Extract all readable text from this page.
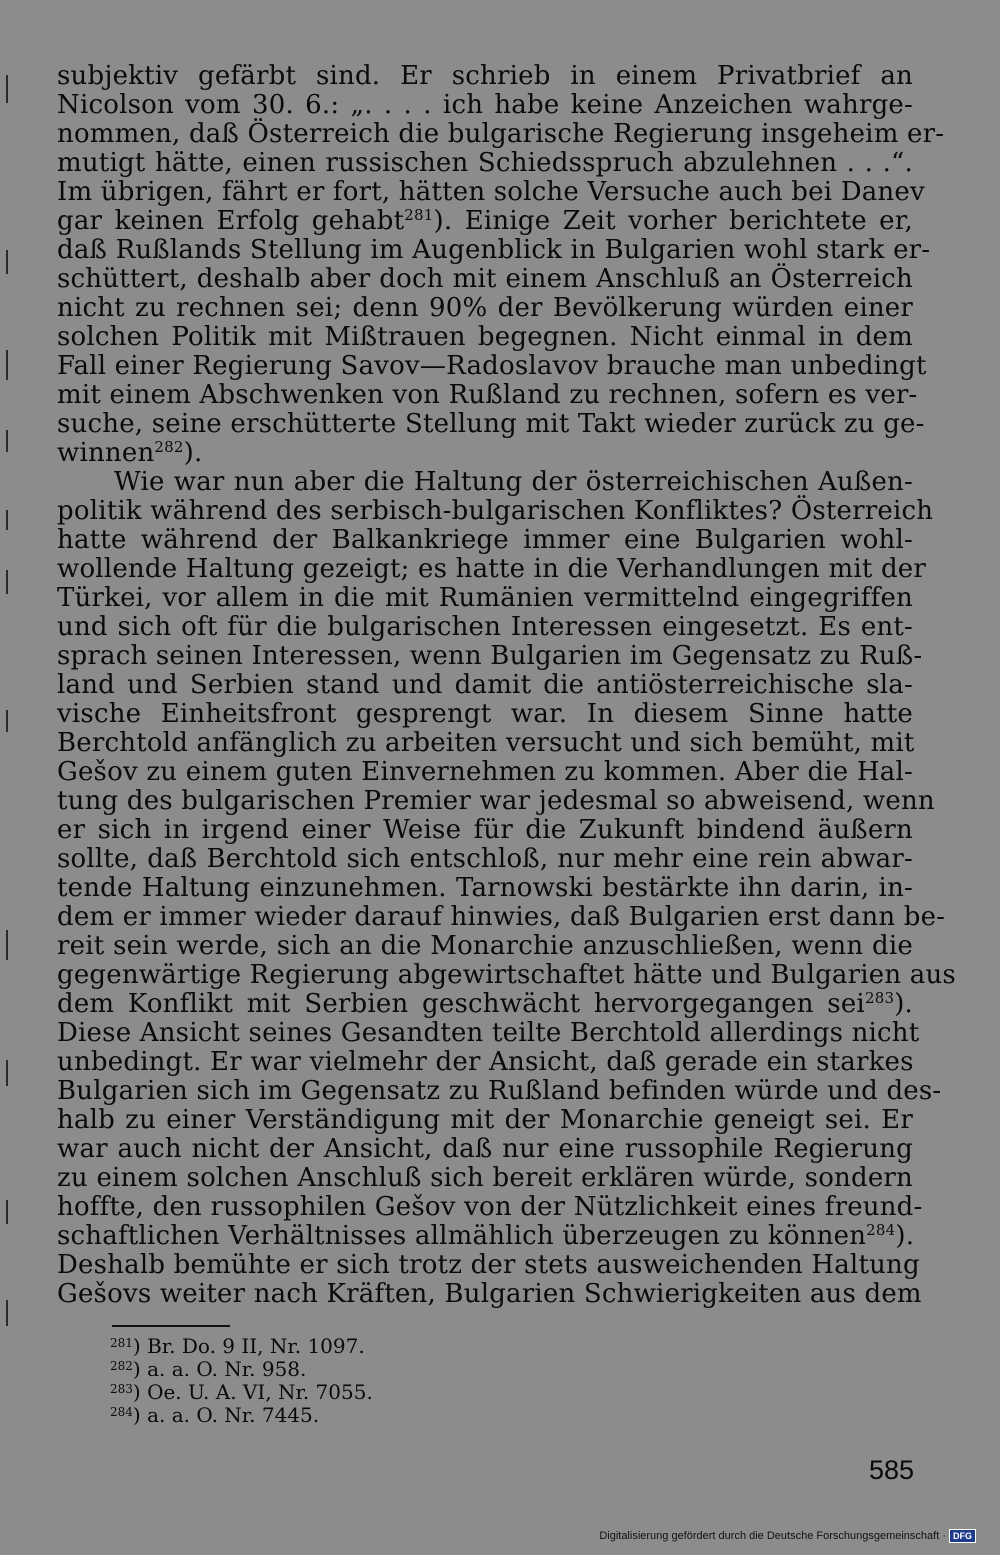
subjektiv gefärbt sind. Er schrieb in einem Privatbrief an
Nicolson vom 30. 6.: „. . . . ich habe keine Anzeichen wahrge-
nommen, daß Österreich die bulgarische Regierung insgeheim er-
mutigt hätte, einen russischen Schiedsspruch abzulehnen . . .“.
Im übrigen, fährt er fort, hätten solche Versuche auch bei Danev
gar keinen Erfolg gehabt$^{281}$). Einige Zeit vorher berichtete er,
daß Rußlands Stellung im Augenblick in Bulgarien wohl stark er-
schüttert, deshalb aber doch mit einem Anschluß an Österreich
nicht zu rechnen sei; denn 90% der Bevölkerung würden einer
solchen Politik mit Mißtrauen begegnen. Nicht einmal in dem
Fall einer Regierung Savov—Radoslavov brauche man unbedingt
mit einem Abschwenken von Rußland zu rechnen, sofern es ver-
suche, seine erschütterte Stellung mit Takt wieder zurück zu ge-
winnen$^{282}$).
Wie war nun aber die Haltung der österreichischen Außen-
politik während des serbisch-bulgarischen Konfliktes? Österreich
hatte während der Balkankriege immer eine Bulgarien wohl-
wollende Haltung gezeigt; es hatte in die Verhandlungen mit der
Türkei, vor allem in die mit Rumänien vermittelnd eingegriffen
und sich oft für die bulgarischen Interessen eingesetzt. Es ent-
sprach seinen Interessen, wenn Bulgarien im Gegensatz zu Ruß-
land und Serbien stand und damit die antiösterreichische sla-
vische Einheitsfront gesprengt war. In diesem Sinne hatte
Berchtold anfänglich zu arbeiten versucht und sich bemüht, mit
Gešov zu einem guten Einvernehmen zu kommen. Aber die Hal-
tung des bulgarischen Premier war jedesmal so abweisend, wenn
er sich in irgend einer Weise für die Zukunft bindend äußern
sollte, daß Berchtold sich entschloß, nur mehr eine rein abwar-
tende Haltung einzunehmen. Tarnowski bestärkte ihn darin, in-
dem er immer wieder darauf hinwies, daß Bulgarien erst dann be-
reit sein werde, sich an die Monarchie anzuschließen, wenn die
gegenwärtige Regierung abgewirtschaftet hätte und Bulgarien aus
dem Konflikt mit Serbien geschwächt hervorgegangen sei$^{283}$).
Diese Ansicht seines Gesandten teilte Berchtold allerdings nicht
unbedingt. Er war vielmehr der Ansicht, daß gerade ein starkes
Bulgarien sich im Gegensatz zu Rußland befinden würde und des-
halb zu einer Verständigung mit der Monarchie geneigt sei. Er
war auch nicht der Ansicht, daß nur eine russophile Regierung
zu einem solchen Anschluß sich bereit erklären würde, sondern
hoffte, den russophilen Gešov von der Nützlichkeit eines freund-
schaftlichen Verhältnisses allmählich überzeugen zu können$^{284}$).
Deshalb bemühte er sich trotz der stets ausweichenden Haltung
Gešovs weiter nach Kräften, Bulgarien Schwierigkeiten aus dem
$^{281}$) Br. Do. 9 II, Nr. 1097.
$^{282}$) a. a. O. Nr. 958.
$^{283}$) Oe. U. A. VI, Nr. 7055.
$^{284}$) a. a. O. Nr. 7445.
585
Digitalisierung gefördert durch die Deutsche Forschungsgemeinschaft · DFG
